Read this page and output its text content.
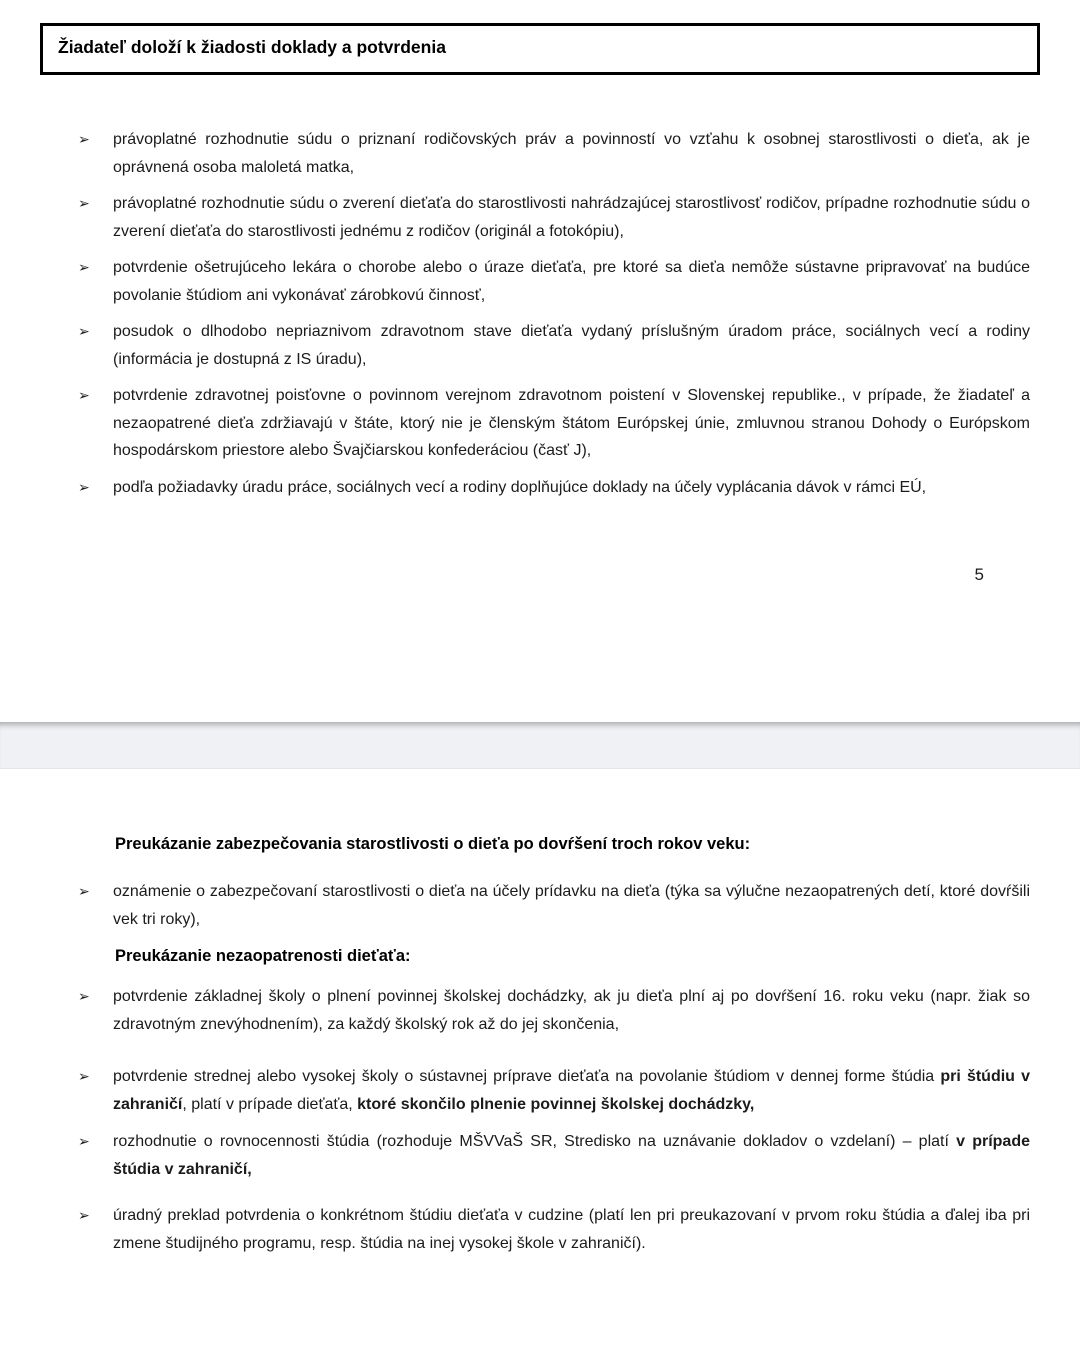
Žiadateľ doloží k žiadosti doklady a potvrdenia
➢ právoplatné rozhodnutie súdu o priznaní rodičovských práv a povinností vo vzťahu k osobnej starostlivosti o dieťa, ak je oprávnená osoba maloletá matka,
➢ právoplatné rozhodnutie súdu o zverení dieťaťa do starostlivosti nahrádzajúcej starostlivosť rodičov, prípadne rozhodnutie súdu o zverení dieťaťa do starostlivosti jednému z rodičov (originál a fotokópiu),
➢ potvrdenie ošetrujúceho lekára o chorobe alebo o úraze dieťaťa, pre ktoré sa dieťa nemôže sústavne pripravovať na budúce povolanie štúdiom ani vykonávať zárobkovú činnosť,
➢ posudok o dlhodobo nepriaznivom zdravotnom stave dieťaťa vydaný príslušným úradom práce, sociálnych vecí a rodiny (informácia je dostupná z IS úradu),
➢ potvrdenie zdravotnej poisťovne o povinnom verejnom zdravotnom poistení v Slovenskej republike., v prípade, že žiadateľ a nezaopatrené dieťa zdržiavajú v štáte, ktorý nie je členským štátom Európskej únie, zmluvnou stranou Dohody o Európskom hospodárskom priestore alebo Švajčiarskou konfederáciou (časť J),
➢ podľa požiadavky úradu práce, sociálnych vecí a rodiny doplňujúce doklady na účely vyplácania dávok v rámci EÚ,
5
Preukázanie zabezpečovania starostlivosti o dieťa po dovŕšení troch rokov veku:
➢ oznámenie o zabezpečovaní starostlivosti o dieťa na účely prídavku na dieťa (týka sa výlučne nezaopatrených detí, ktoré dovŕšili vek tri roky),
Preukázanie nezaopatrenosti dieťaťa:
➢ potvrdenie základnej školy o plnení povinnej školskej dochádzky, ak ju dieťa plní aj po dovŕšení 16. roku veku (napr. žiak so zdravotným znevýhodnením), za každý školský rok až do jej skončenia,
➢ potvrdenie strednej alebo vysokej školy o sústavnej príprave dieťaťa na povolanie štúdiom v dennej forme štúdia pri štúdiu v zahraničí, platí v prípade dieťaťa, ktoré skončilo plnenie povinnej školskej dochádzky,
➢ rozhodnutie o rovnocennosti štúdia (rozhoduje MŠVVaŠ SR, Stredisko na uznávanie dokladov o vzdelaní) – platí v prípade štúdia v zahraničí,
➢ úradný preklad potvrdenia o konkrétnom štúdiu dieťaťa v cudzine (platí len pri preukazovaní v prvom roku štúdia a ďalej iba pri zmene študijného programu, resp. štúdia na inej vysokej škole v zahraničí).
